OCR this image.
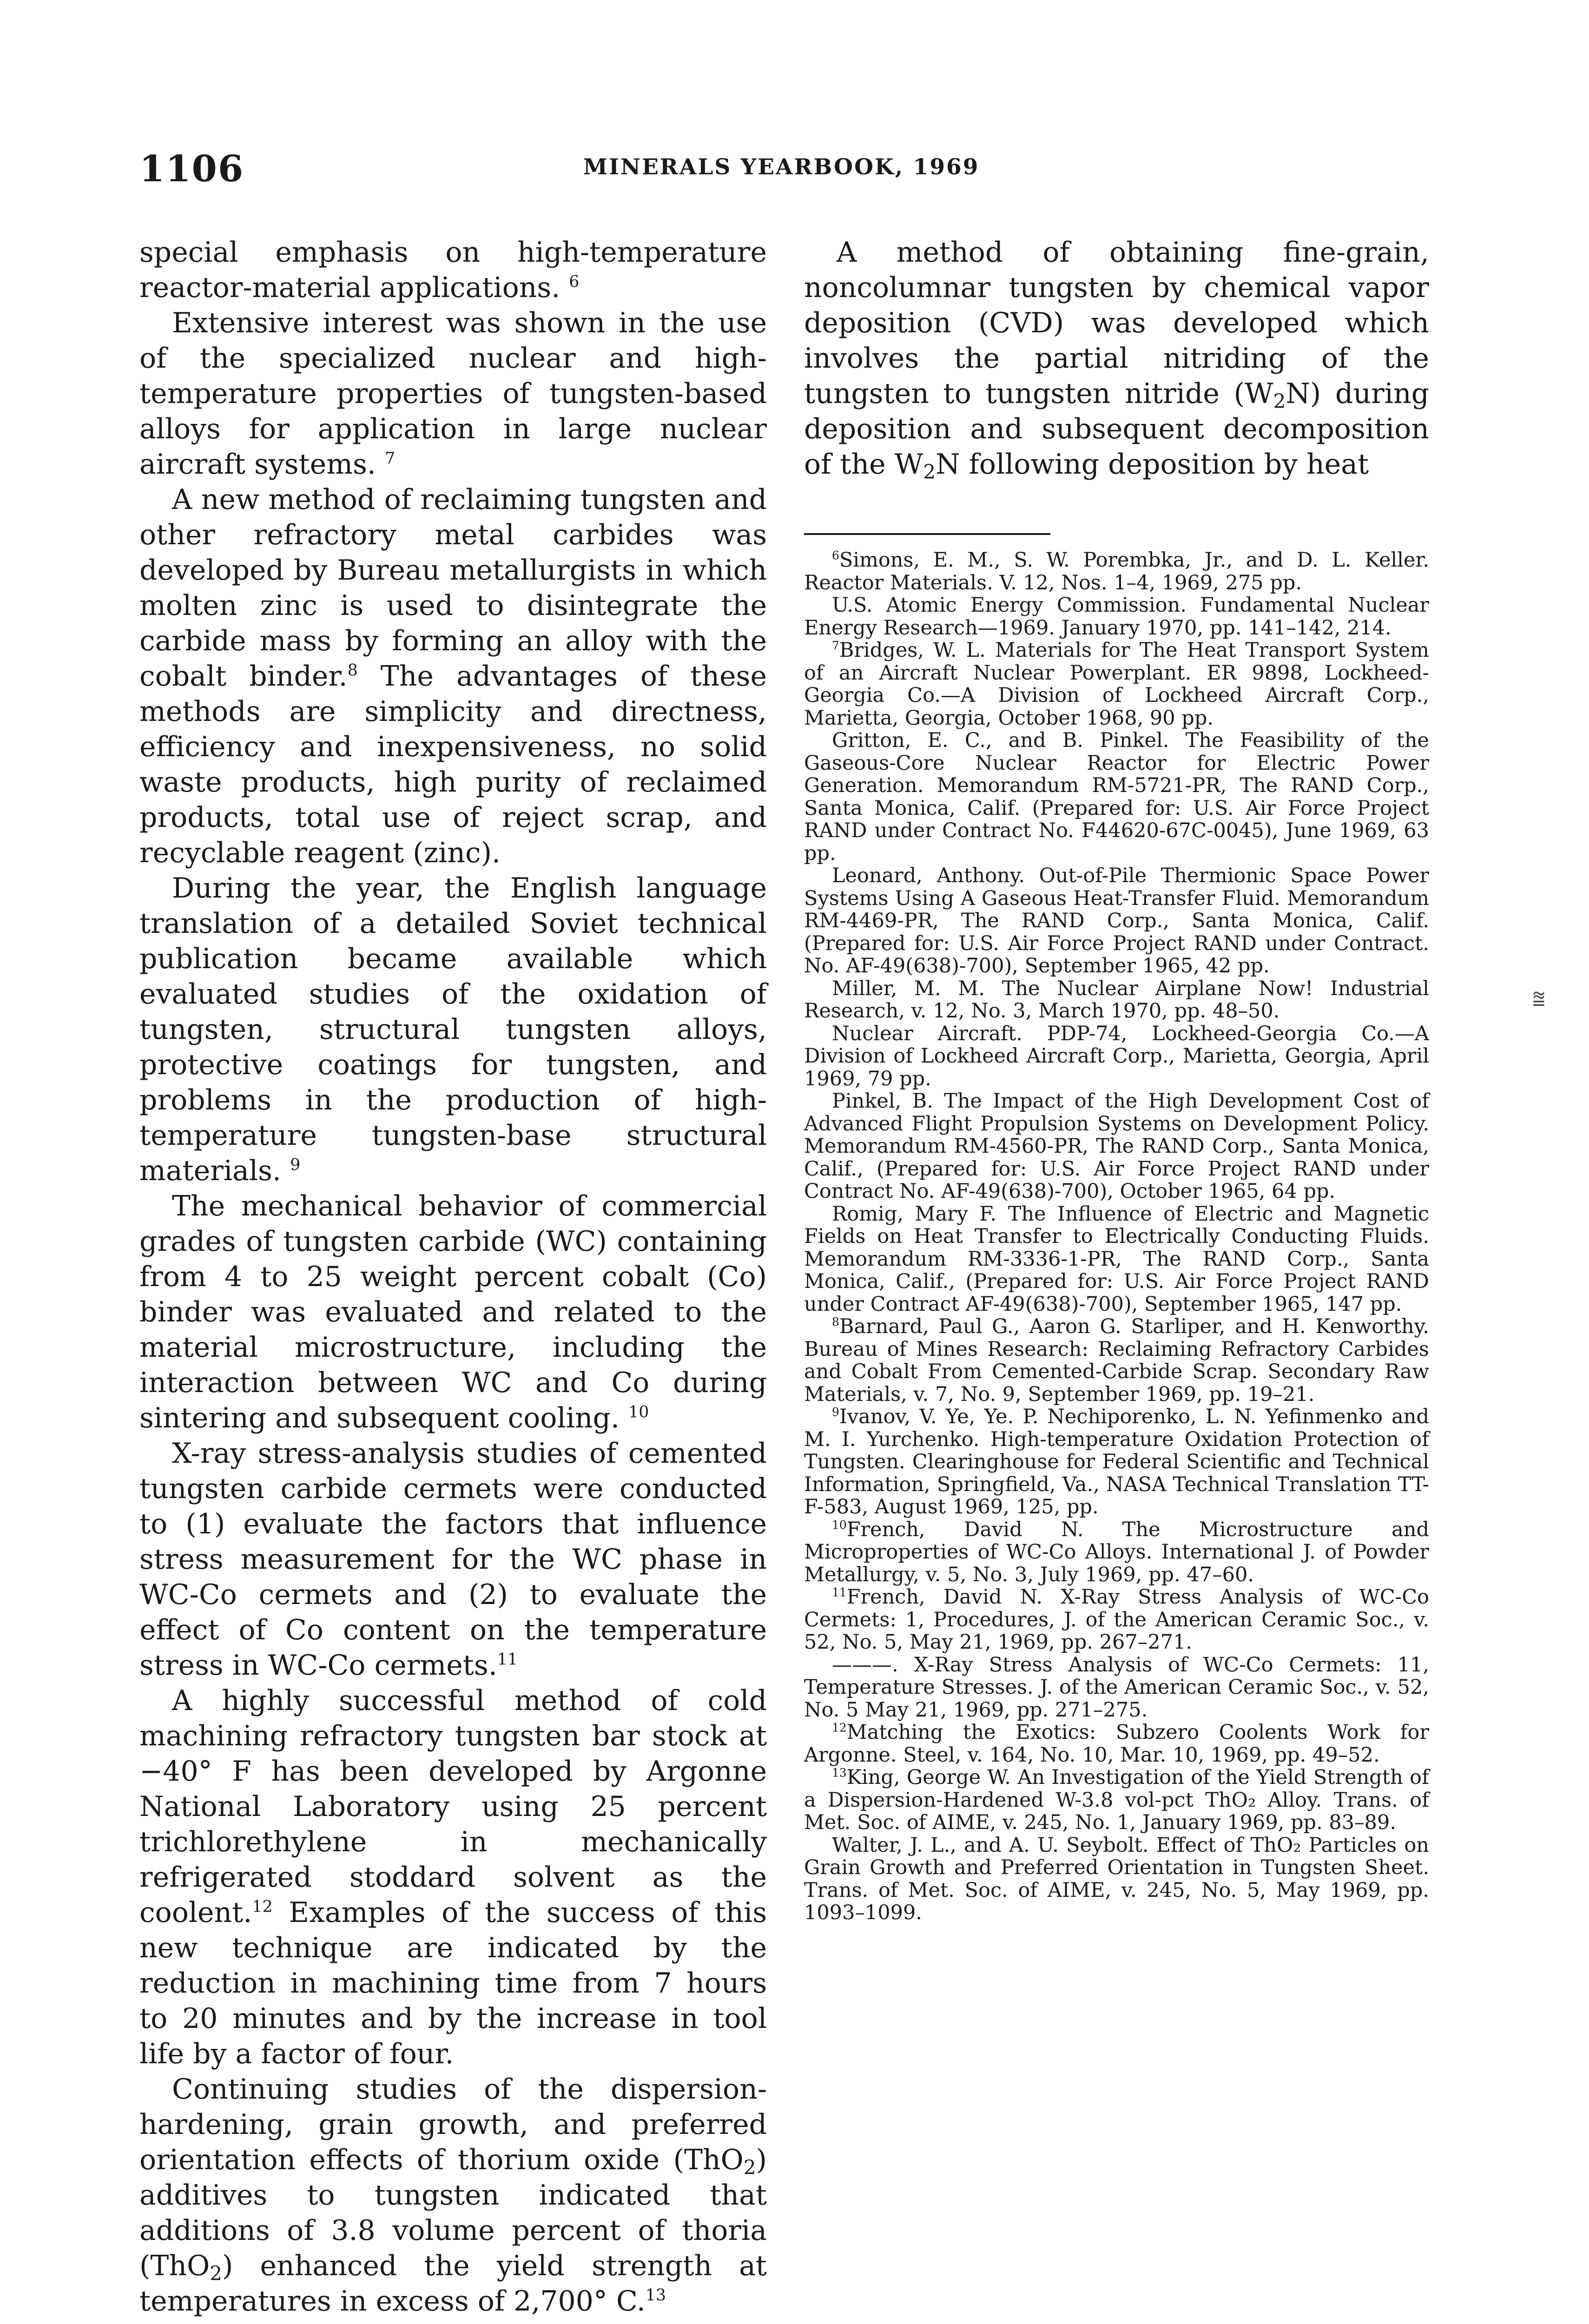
1106	MINERALS YEARBOOK, 1969
⩰

special emphasis on high-temperature reactor-material applications. $^6$

Extensive interest was shown in the use of the specialized nuclear and high-temperature properties of tungsten-based alloys for application in large nuclear aircraft systems. $^7$

A new method of reclaiming tungsten and other refractory metal carbides was developed by Bureau metallurgists in which molten zinc is used to disintegrate the carbide mass by forming an alloy with the cobalt binder.$^8$ The advantages of these methods are simplicity and directness, efficiency and inexpensiveness, no solid waste products, high purity of reclaimed products, total use of reject scrap, and recyclable reagent (zinc).

During the year, the English language translation of a detailed Soviet technical publication became available which evaluated studies of the oxidation of tungsten, structural tungsten alloys, protective coatings for tungsten, and problems in the production of high-temperature tungsten-base structural materials. $^9$

The mechanical behavior of commercial grades of tungsten carbide (WC) containing from 4 to 25 weight percent cobalt (Co) binder was evaluated and related to the material microstructure, including the interaction between WC and Co during sintering and subsequent cooling. $^{10}$

X-ray stress-analysis studies of cemented tungsten carbide cermets were conducted to (1) evaluate the factors that influence stress measurement for the WC phase in WC-Co cermets and (2) to evaluate the effect of Co content on the temperature stress in WC-Co cermets.$^{11}$

A highly successful method of cold machining refractory tungsten bar stock at −40° F has been developed by Argonne National Laboratory using 25 percent trichlorethylene in mechanically refrigerated stoddard solvent as the coolent.$^{12}$ Examples of the success of this new technique are indicated by the reduction in machining time from 7 hours to 20 minutes and by the increase in tool life by a factor of four.

Continuing studies of the dispersion-hardening, grain growth, and preferred orientation effects of thorium oxide (ThO$_2$) additives to tungsten indicated that additions of 3.8 volume percent of thoria (ThO$_2$) enhanced the yield strength at temperatures in excess of 2,700° C.$^{13}$

A method of obtaining fine-grain, noncolumnar tungsten by chemical vapor deposition (CVD) was developed which involves the partial nitriding of the tungsten to tungsten nitride $(W_2N)$ during deposition and subsequent decomposition of the $W_2N$ following deposition by heat

$^6$Simons, E. M., S. W. Porembka, Jr., and D. L. Keller. Reactor Materials. V. 12, Nos. 1–4, 1969, 275 pp.

U.S. Atomic Energy Commission. Fundamental Nuclear Energy Research—1969. January 1970, pp. 141–142, 214.

$^7$Bridges, W. L. Materials for The Heat Transport System of an Aircraft Nuclear Powerplant. ER 9898, Lockheed-Georgia Co.—A Division of Lockheed Aircraft Corp., Marietta, Georgia, October 1968, 90 pp.

Gritton, E. C., and B. Pinkel. The Feasibility of the Gaseous-Core Nuclear Reactor for Electric Power Generation. Memorandum RM-5721-PR, The RAND Corp., Santa Monica, Calif. (Prepared for: U.S. Air Force Project RAND under Contract No. F44620-67C-0045), June 1969, 63 pp.

Leonard, Anthony. Out-of-Pile Thermionic Space Power Systems Using A Gaseous Heat-Transfer Fluid. Memorandum RM-4469-PR, The RAND Corp., Santa Monica, Calif. (Prepared for: U.S. Air Force Project RAND under Contract. No. AF-49(638)-700), September 1965, 42 pp.

Miller, M. M. The Nuclear Airplane Now! Industrial Research, v. 12, No. 3, March 1970, pp. 48–50.

Nuclear Aircraft. PDP-74, Lockheed-Georgia Co.—A Division of Lockheed Aircraft Corp., Marietta, Georgia, April 1969, 79 pp.

Pinkel, B. The Impact of the High Development Cost of Advanced Flight Propulsion Systems on Development Policy. Memorandum RM-4560-PR, The RAND Corp., Santa Monica, Calif., (Prepared for: U.S. Air Force Project RAND under Contract No. AF-49(638)-700), October 1965, 64 pp.

Romig, Mary F. The Influence of Electric and Magnetic Fields on Heat Transfer to Electrically Conducting Fluids. Memorandum RM-3336-1-PR, The RAND Corp., Santa Monica, Calif., (Prepared for: U.S. Air Force Project RAND under Contract AF-49(638)-700), September 1965, 147 pp.

$^8$Barnard, Paul G., Aaron G. Starliper, and H. Kenworthy. Bureau of Mines Research: Reclaiming Refractory Carbides and Cobalt From Cemented-Carbide Scrap. Secondary Raw Materials, v. 7, No. 9, September 1969, pp. 19–21.

$^9$Ivanov, V. Ye, Ye. P. Nechiporenko, L. N. Yefinmenko and M. I. Yurchenko. High-temperature Oxidation Protection of Tungsten. Clearinghouse for Federal Scientific and Technical Information, Springfield, Va., NASA Technical Translation TT-F-583, August 1969, 125, pp.

$^{10}$French, David N. The Microstructure and Microproperties of WC-Co Alloys. International J. of Powder Metallurgy, v. 5, No. 3, July 1969, pp. 47–60.

$^{11}$French, David N. X-Ray Stress Analysis of WC-Co Cermets: 1, Procedures, J. of the American Ceramic Soc., v. 52, No. 5, May 21, 1969, pp. 267–271.

———. X-Ray Stress Analysis of WC-Co Cermets: 11, Temperature Stresses. J. of the American Ceramic Soc., v. 52, No. 5 May 21, 1969, pp. 271–275.

$^{12}$Matching the Exotics: Subzero Coolents Work for Argonne. Steel, v. 164, No. 10, Mar. 10, 1969, pp. 49–52.

$^{13}$King, George W. An Investigation of the Yield Strength of a Dispersion-Hardened W-3.8 vol-pct ThO₂ Alloy. Trans. of Met. Soc. of AIME, v. 245, No. 1, January 1969, pp. 83–89.

Walter, J. L., and A. U. Seybolt. Effect of ThO₂ Particles on Grain Growth and Preferred Orientation in Tungsten Sheet. Trans. of Met. Soc. of AIME, v. 245, No. 5, May 1969, pp. 1093–1099.
